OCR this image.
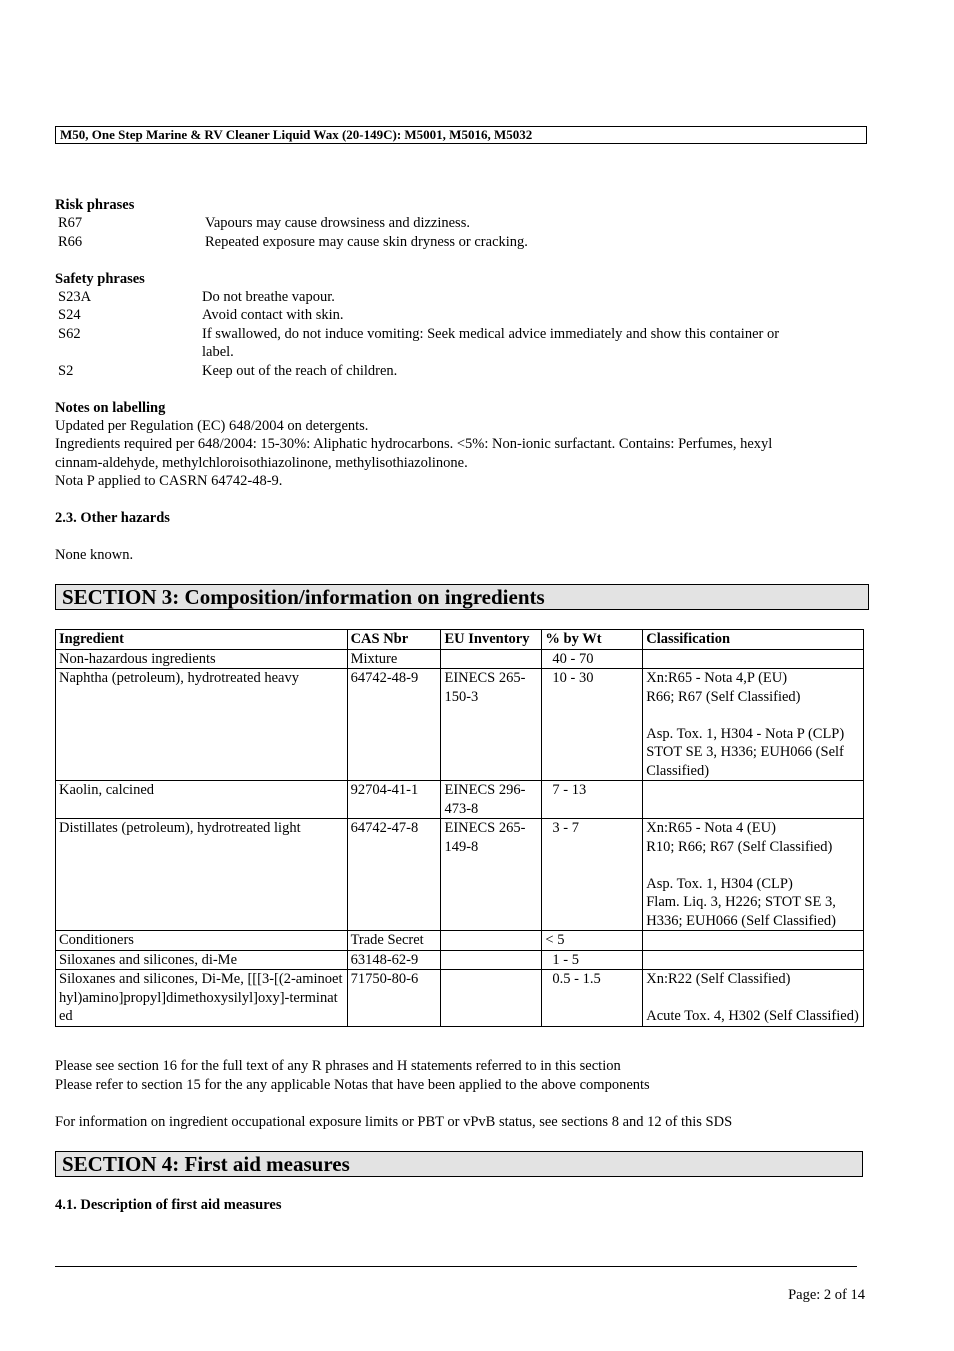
M50, One Step Marine & RV Cleaner Liquid Wax (20-149C): M5001, M5016, M5032
Risk phrases
R67	Vapours may cause drowsiness and dizziness.
R66	Repeated exposure may cause skin dryness or cracking.
Safety phrases
S23A	Do not breathe vapour.
S24	Avoid contact with skin.
S62	If swallowed, do not induce vomiting: Seek medical advice immediately and show this container or
label.
S2	Keep out of the reach of children.
Notes on labelling
Updated per Regulation (EC) 648/2004 on detergents.
Ingredients required per 648/2004: 15-30%: Aliphatic hydrocarbons. <5%: Non-ionic surfactant. Contains: Perfumes, hexyl
cinnam-aldehyde, methylchloroisothiazolinone, methylisothiazolinone.
Nota P applied to CASRN 64742-48-9.
2.3. Other hazards
None known.
SECTION 3: Composition/information on ingredients
Ingredient	CAS Nbr	EU Inventory	% by Wt	Classification
Non-hazardous ingredients	Mixture		40 - 70	
Naphtha (petroleum), hydrotreated heavy	64742-48-9	EINECS 265-150-3	10 - 30	Xn:R65 - Nota 4,P (EU)
R66; R67 (Self Classified)
Asp. Tox. 1, H304 - Nota P (CLP)
STOT SE 3, H336; EUH066 (Self Classified)

Kaolin, calcined	92704-41-1	EINECS 296-473-8	7 - 13	
Distillates (petroleum), hydrotreated light	64742-47-8	EINECS 265-149-8	3 - 7	Xn:R65 - Nota 4 (EU)
R10; R66; R67 (Self Classified)
Asp. Tox. 1, H304 (CLP)
Flam. Liq. 3, H226; STOT SE 3, H336; EUH066 (Self Classified)

Conditioners	Trade Secret		< 5	
Siloxanes and silicones, di-Me	63148-62-9		1 - 5	
Siloxanes and silicones, Di-Me, [[[3-[(2-aminoethyl)amino]propyl]dimethoxysilyl]oxy]-terminated	71750-80-6		0.5 - 1.5	Xn:R22 (Self Classified)
Acute Tox. 4, H302 (Self Classified)
Please see section 16 for the full text of any R phrases and H statements referred to in this section
Please refer to section 15 for the any applicable Notas that have been applied to the above components
For information on ingredient occupational exposure limits or PBT or vPvB status, see sections 8 and 12 of this SDS
SECTION 4: First aid measures
4.1. Description of first aid measures
Page: 2 of 14
